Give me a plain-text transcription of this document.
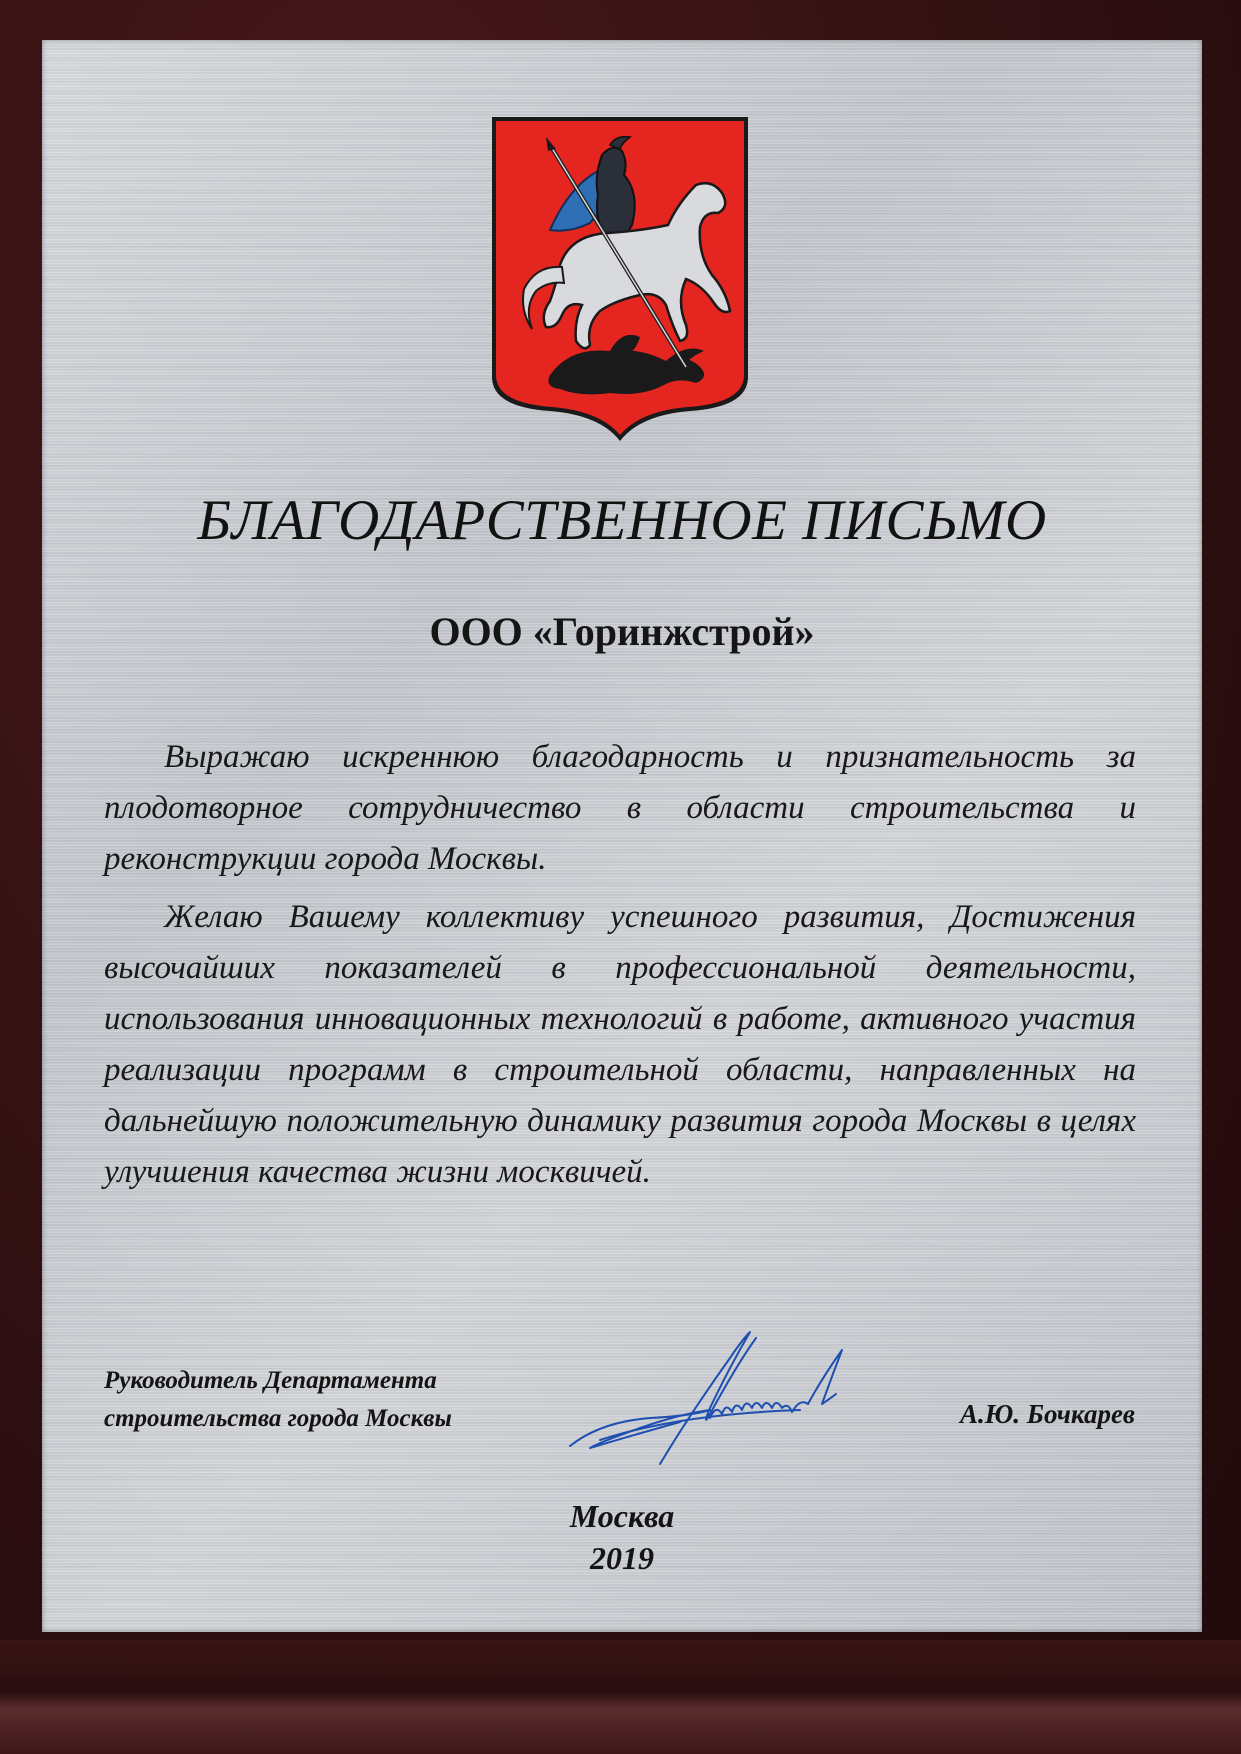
БЛАГОДАРСТВЕННОЕ ПИСЬМО
ООО «Горинжстрой»

Выражаю искреннюю благодарность и признательность за плодотворное сотрудничество в области строительства и реконструкции города Москвы.

Желаю Вашему коллективу успешного развития, Достижения высочайших показателей в профессиональной деятельности, использования инновационных технологий в работе, активного участия реализации программ в строительной области, направленных на дальнейшую положительную динамику развития города Москвы в целях улучшения качества жизни москвичей.

Руководитель Департамента
строительства города Москвы	А.Ю. Бочкарев
Москва
2019
